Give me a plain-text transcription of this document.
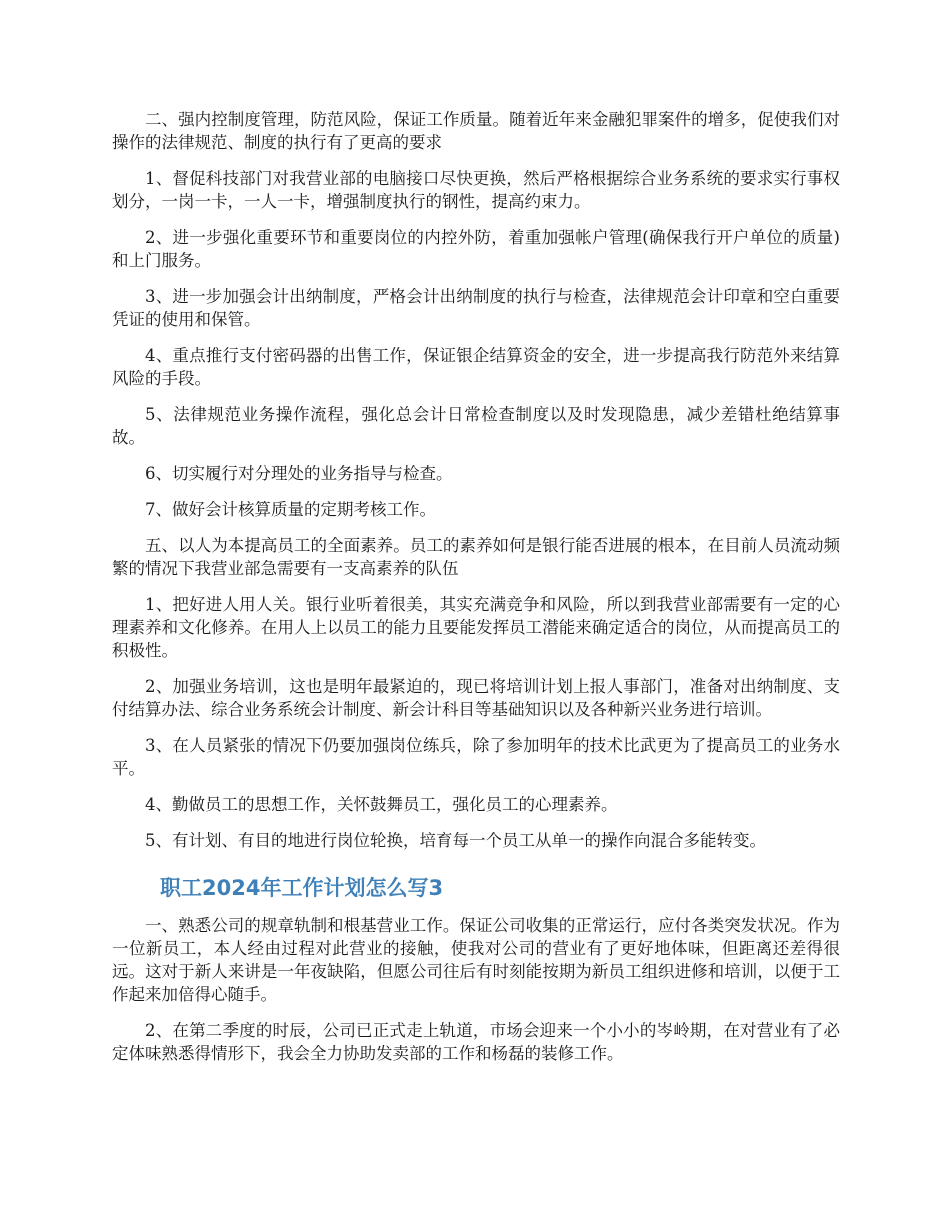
二、强内控制度管理，防范风险，保证工作质量。随着近年来金融犯罪案件的增多，促使我们对操作的法律规范、制度的执行有了更高的要求

1、督促科技部门对我营业部的电脑接口尽快更换，然后严格根据综合业务系统的要求实行事权划分，一岗一卡，一人一卡，增强制度执行的钢性，提高约束力。

2、进一步强化重要环节和重要岗位的内控外防，着重加强帐户管理(确保我行开户单位的质量)和上门服务。

3、进一步加强会计出纳制度，严格会计出纳制度的执行与检查，法律规范会计印章和空白重要凭证的使用和保管。

4、重点推行支付密码器的出售工作，保证银企结算资金的安全，进一步提高我行防范外来结算风险的手段。

5、法律规范业务操作流程，强化总会计日常检查制度以及时发现隐患，减少差错杜绝结算事故。

6、切实履行对分理处的业务指导与检查。

7、做好会计核算质量的定期考核工作。

五、以人为本提高员工的全面素养。员工的素养如何是银行能否进展的根本，在目前人员流动频繁的情况下我营业部急需要有一支高素养的队伍

1、把好进人用人关。银行业听着很美，其实充满竞争和风险，所以到我营业部需要有一定的心理素养和文化修养。在用人上以员工的能力且要能发挥员工潜能来确定适合的岗位，从而提高员工的积极性。

2、加强业务培训，这也是明年最紧迫的，现已将培训计划上报人事部门，准备对出纳制度、支付结算办法、综合业务系统会计制度、新会计科目等基础知识以及各种新兴业务进行培训。

3、在人员紧张的情况下仍要加强岗位练兵，除了参加明年的技术比武更为了提高员工的业务水平。

4、勤做员工的思想工作，关怀鼓舞员工，强化员工的心理素养。

5、有计划、有目的地进行岗位轮换，培育每一个员工从单一的操作向混合多能转变。

职工2024年工作计划怎么写3

一、熟悉公司的规章轨制和根基营业工作。保证公司收集的正常运行，应付各类突发状况。作为一位新员工，本人经由过程对此营业的接触，使我对公司的营业有了更好地体味，但距离还差得很远。这对于新人来讲是一年夜缺陷，但愿公司往后有时刻能按期为新员工组织进修和培训，以便于工作起来加倍得心随手。

2、在第二季度的时辰，公司已正式走上轨道，市场会迎来一个小小的岑岭期，在对营业有了必定体味熟悉得情形下，我会全力协助发卖部的工作和杨磊的装修工作。
